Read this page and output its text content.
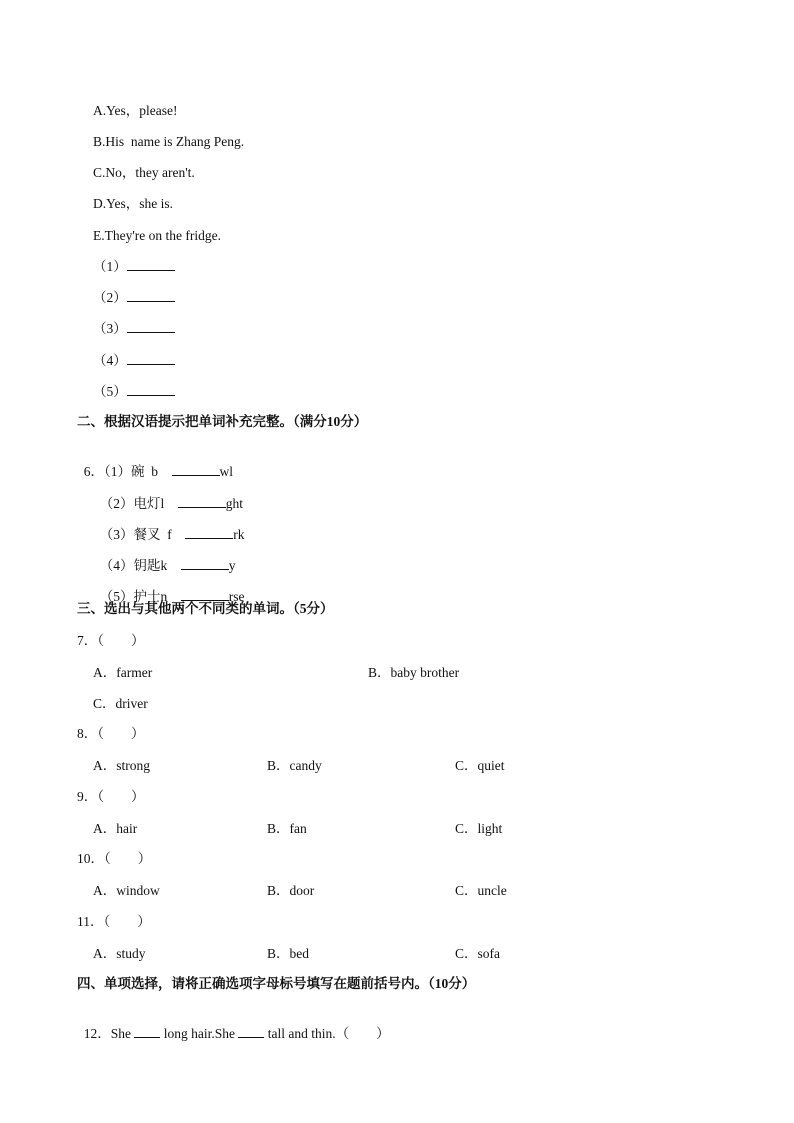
A.Yes，please!
B.His  name is Zhang Peng.
C.No，they aren't.
D.Yes，she is.
E.They're on the fridge.
（1）
（2）
（3）
（4）
（5）
二、根据汉语提示把单词补充完整。（满分10分）

6．（1）碗 b	wl

（2）电灯l	ght

（3）餐叉 f	rk

（4）钥匙k	y

（5）护士n	rse

三、选出与其他两个不同类的单词。（5分）
7．（　　）
A．farmer	B．baby brother
C．driver
8．（　　）
A．strong	B．candy	C．quiet
9．（　　）
A．hair	B．fan	C．light
10．（　　）
A．window	B．door	C．uncle
11．（　　）
A．study	B．bed	C．sofa
四、单项选择，请将正确选项字母标号填写在题前括号内。（10分）

12．She long hair.She tall and thin.（　　）
